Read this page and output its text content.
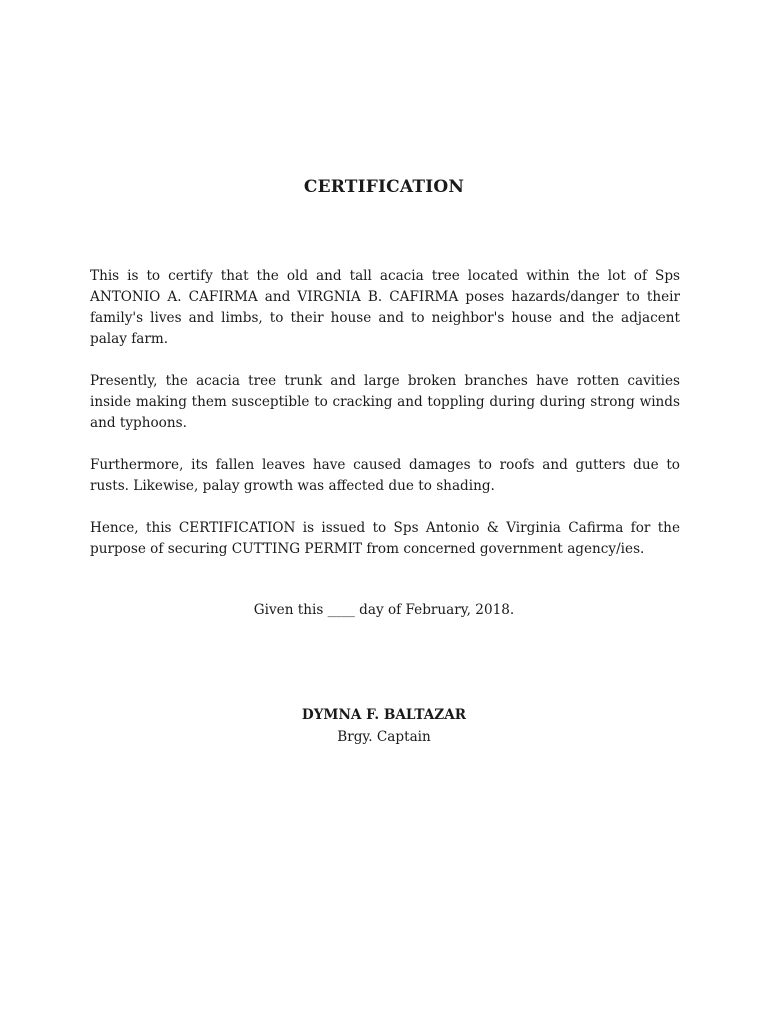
CERTIFICATION

This is to certify that the old and tall acacia tree located within the lot of Sps ANTONIO A. CAFIRMA and VIRGNIA B. CAFIRMA poses hazards/danger to their family's lives and limbs, to their house and to neighbor's house and the adjacent palay farm.

Presently, the acacia tree trunk and large broken branches have rotten cavities inside making them susceptible to cracking and toppling during during strong winds and typhoons.

Furthermore, its fallen leaves have caused damages to roofs and gutters due to rusts. Likewise, palay growth was affected due to shading.

Hence, this CERTIFICATION is issued to Sps Antonio & Virginia Cafirma for the purpose of securing CUTTING PERMIT from concerned government agency/ies.

Given this ____ day of February, 2018.
DYMNA F. BALTAZAR
Brgy. Captain
